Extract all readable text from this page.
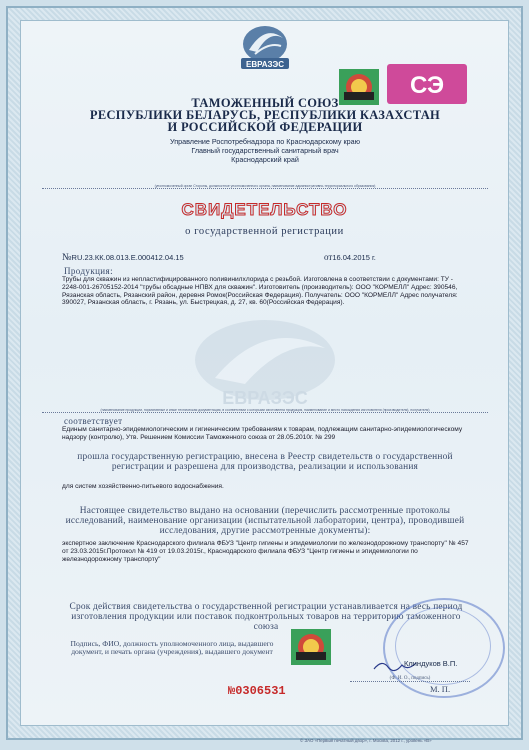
ЕВРАЗЭС
СЭ
ТАМОЖЕННЫЙ СОЮЗ
РЕСПУБЛИКИ БЕЛАРУСЬ, РЕСПУБЛИКИ КАЗАХСТАН
И РОССИЙСКОЙ ФЕДЕРАЦИИ
Управление Роспотребнадзора по Краснодарскому краю
Главный государственный санитарный врач
Краснодарский край
(уполномоченный орган Стороны, должностное уполномоченного органа, наименование административно-территориального образования)
СВИДЕТЕЛЬСТВО
о государственной регистрации
№RU.23.КК.08.013.Е.000412.04.15	от16.04.2015 г.
ЕВРАЗЭС
Продукция:
Трубы для скважин из непластифицированного поливинилхлорида с резьбой. Изготовлена в соответствии с документами: ТУ - 2248-001-26705152-2014 "трубы обсадные НПВХ для скважин". Изготовитель (производитель): ООО "КОРМЕЛЛ" Адрес: 390546, Рязанская область, Рязанский район, деревня Ромок(Российская Федерация). Получатель: ООО "КОРМЕЛЛ" Адрес получателя: 390027, Рязанская область, г. Рязань, ул. Быстрецкая, д. 27, кв. 60(Российская Федерация).
(наименование продукции, нормативные и иные техническая документация, в соответствии с которыми изготовлена продукция, наименование и место нахождения изготовителя (производителя), получателя)
соответствует
Единым санитарно-эпидемиологическим и гигиеническим требованиям к товарам, подлежащим санитарно-эпидемиологическому надзору (контролю), Утв. Решением Комиссии Таможенного союза от 28.05.2010г. № 299
прошла государственную регистрацию, внесена в Реестр свидетельств о государственной регистрации и разрешена для производства, реализации и использования
для систем хозяйственно-питьевого водоснабжения.
Настоящее свидетельство выдано на основании (перечислить рассмотренные протоколы исследований, наименование организации (испытательной лаборатории, центра), проводившей исследования, другие рассмотренные документы):
экспертное заключение Краснодарского филиала ФБУЗ "Центр гигиены и эпидемиологии по железнодорожному транспорту" № 457 от 23.03.2015г.Протокол № 419 от 19.03.2015г., Краснодарского филиала ФБУЗ "Центр гигиены и эпидемиологии по железнодорожному транспорту"
Срок действия свидетельства о государственной регистрации устанавливается на весь период изготовления продукции или поставок подконтрольных товаров на территорию таможенного союза
Подпись, ФИО, должность уполномоченного лица, выдавшего документ, и печать органа (учреждения), выдавшего документ
Клиндуков В.П.
(Ф. И. О., подпись)
М. П.
№0306531
© ЗАО «Первый печатный двор», г. Москва, 2012 г., уровень «В»
